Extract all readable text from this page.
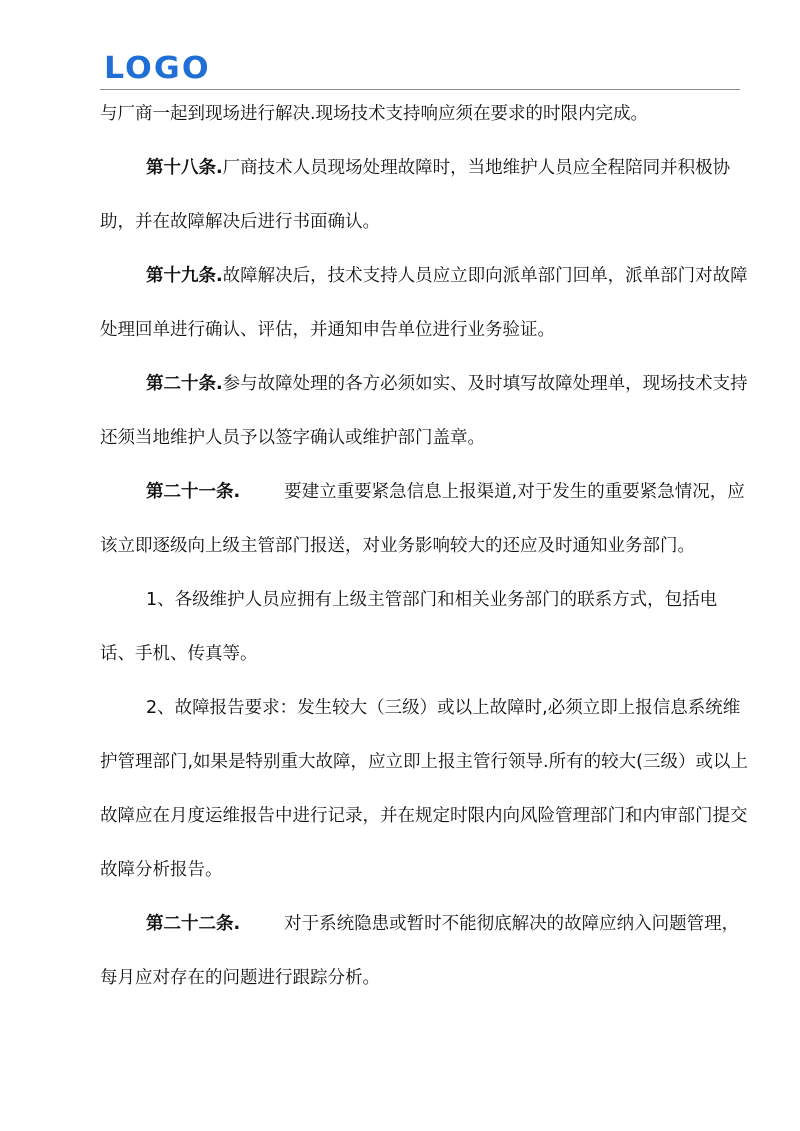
LOGO

与厂商一起到现场进行解决.现场技术支持响应须在要求的时限内完成。

第十八条.厂商技术人员现场处理故障时，当地维护人员应全程陪同并积极协助，并在故障解决后进行书面确认。

第十九条.故障解决后，技术支持人员应立即向派单部门回单，派单部门对故障处理回单进行确认、评估，并通知申告单位进行业务验证。

第二十条.参与故障处理的各方必须如实、及时填写故障处理单，现场技术支持还须当地维护人员予以签字确认或维护部门盖章。

第二十一条.	要建立重要紧急信息上报渠道,对于发生的重要紧急情况，应该立即逐级向上级主管部门报送，对业务影响较大的还应及时通知业务部门。

1、各级维护人员应拥有上级主管部门和相关业务部门的联系方式，包括电话、手机、传真等。

2、故障报告要求：发生较大（三级）或以上故障时,必须立即上报信息系统维护管理部门,如果是特别重大故障，应立即上报主管行领导.所有的较大(三级）或以上故障应在月度运维报告中进行记录，并在规定时限内向风险管理部门和内审部门提交故障分析报告。

第二十二条.	对于系统隐患或暂时不能彻底解决的故障应纳入问题管理，每月应对存在的问题进行跟踪分析。
